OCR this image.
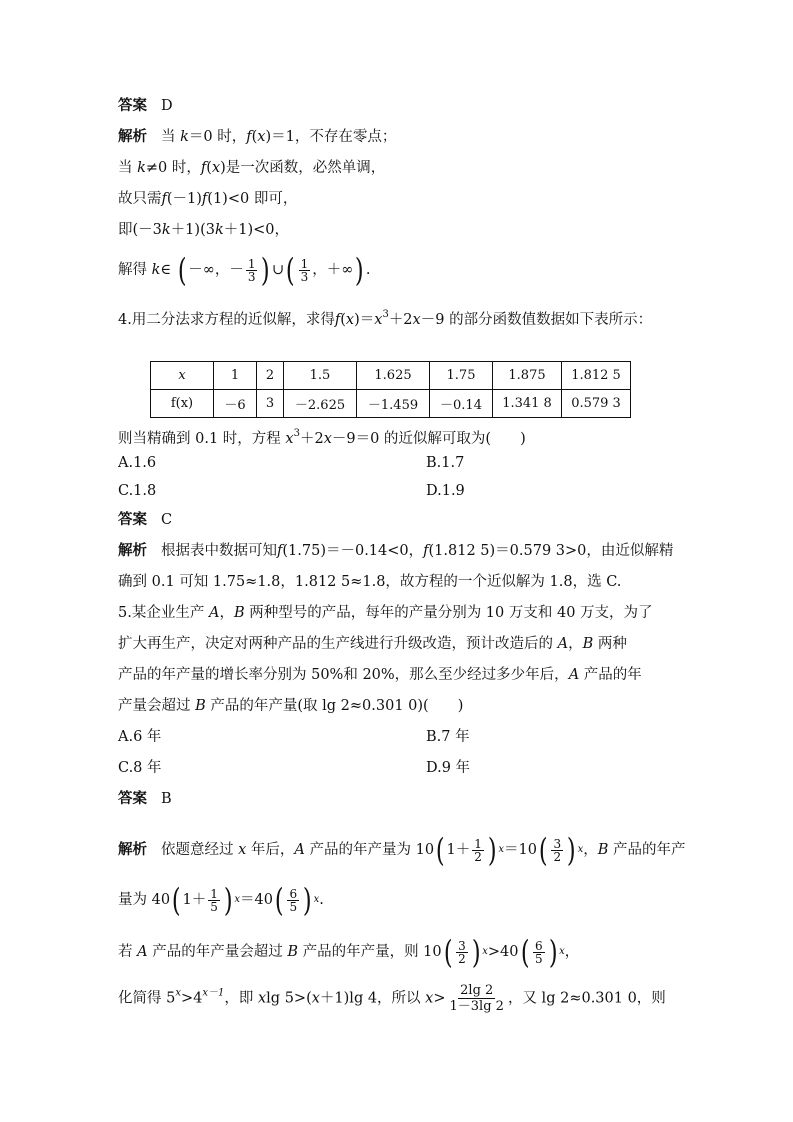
答案 D
解析 当 k＝0 时，f(x)＝1，不存在零点；
当 k≠0 时，f(x)是一次函数，必然单调，
故只需f(－1)f(1)<0 即可，
即(－3k＋1)(3k＋1)<0，
解得 k∈ ( －∞，－ $\frac{1}{3}$ ) ∪ ( $\frac{1}{3}$ ，＋∞ ) .
4.用二分法求方程的近似解，求得$f(x)=x^3+2x-9$ 的部分函数值数据如下表所示：
x	1	2	1.5	1.625	1.75	1.875	1.812 5
f(x)	－6	3	－2.625	－1.459	－0.14	1.341 8	0.579 3
则当精确到 0.1 时，方程 $x^3+2x-9=0$ 的近似解可取为(　　)
A.1.6	B.1.7
C.1.8	D.1.9
答案 C
解析 根据表中数据可知f(1.75)＝－0.14<0，f(1.812 5)＝0.579 3>0，由近似解精
确到 0.1 可知 1.75≈1.8，1.812 5≈1.8，故方程的一个近似解为 1.8，选 C.
5.某企业生产 A，B 两种型号的产品，每年的产量分别为 10 万支和 40 万支，为了
扩大再生产，决定对两种产品的生产线进行升级改造，预计改造后的 A，B 两种
产品的年产量的增长率分别为 50%和 20%，那么至少经过多少年后，A 产品的年
产量会超过 B 产品的年产量(取 lg 2≈0.301 0)(　　)
A.6 年	B.7 年
C.8 年	D.9 年
答案 B
解析 依题意经过 x 年后，A 产品的年产量为 10 ( $1+ \frac{1}{2}$ ) x ＝10 ( $\frac{3}{2}$ ) x ，B 产品的年产
量为 40 ( $1+ \frac{1}{5}$ ) x ＝40 ( $\frac{6}{5}$ ) x .
若 A 产品的年产量会超过 B 产品的年产量，则 10 ( $\frac{3}{2}$ ) x >40 ( $\frac{6}{5}$ ) x ，
化简得 $5^x>4^{x-1}$，即 xlg 5>(x＋1)lg 4，所以 $x> \frac{2\lg 2}{1-3\lg 2}$ ，又 lg 2≈0.301 0，则
